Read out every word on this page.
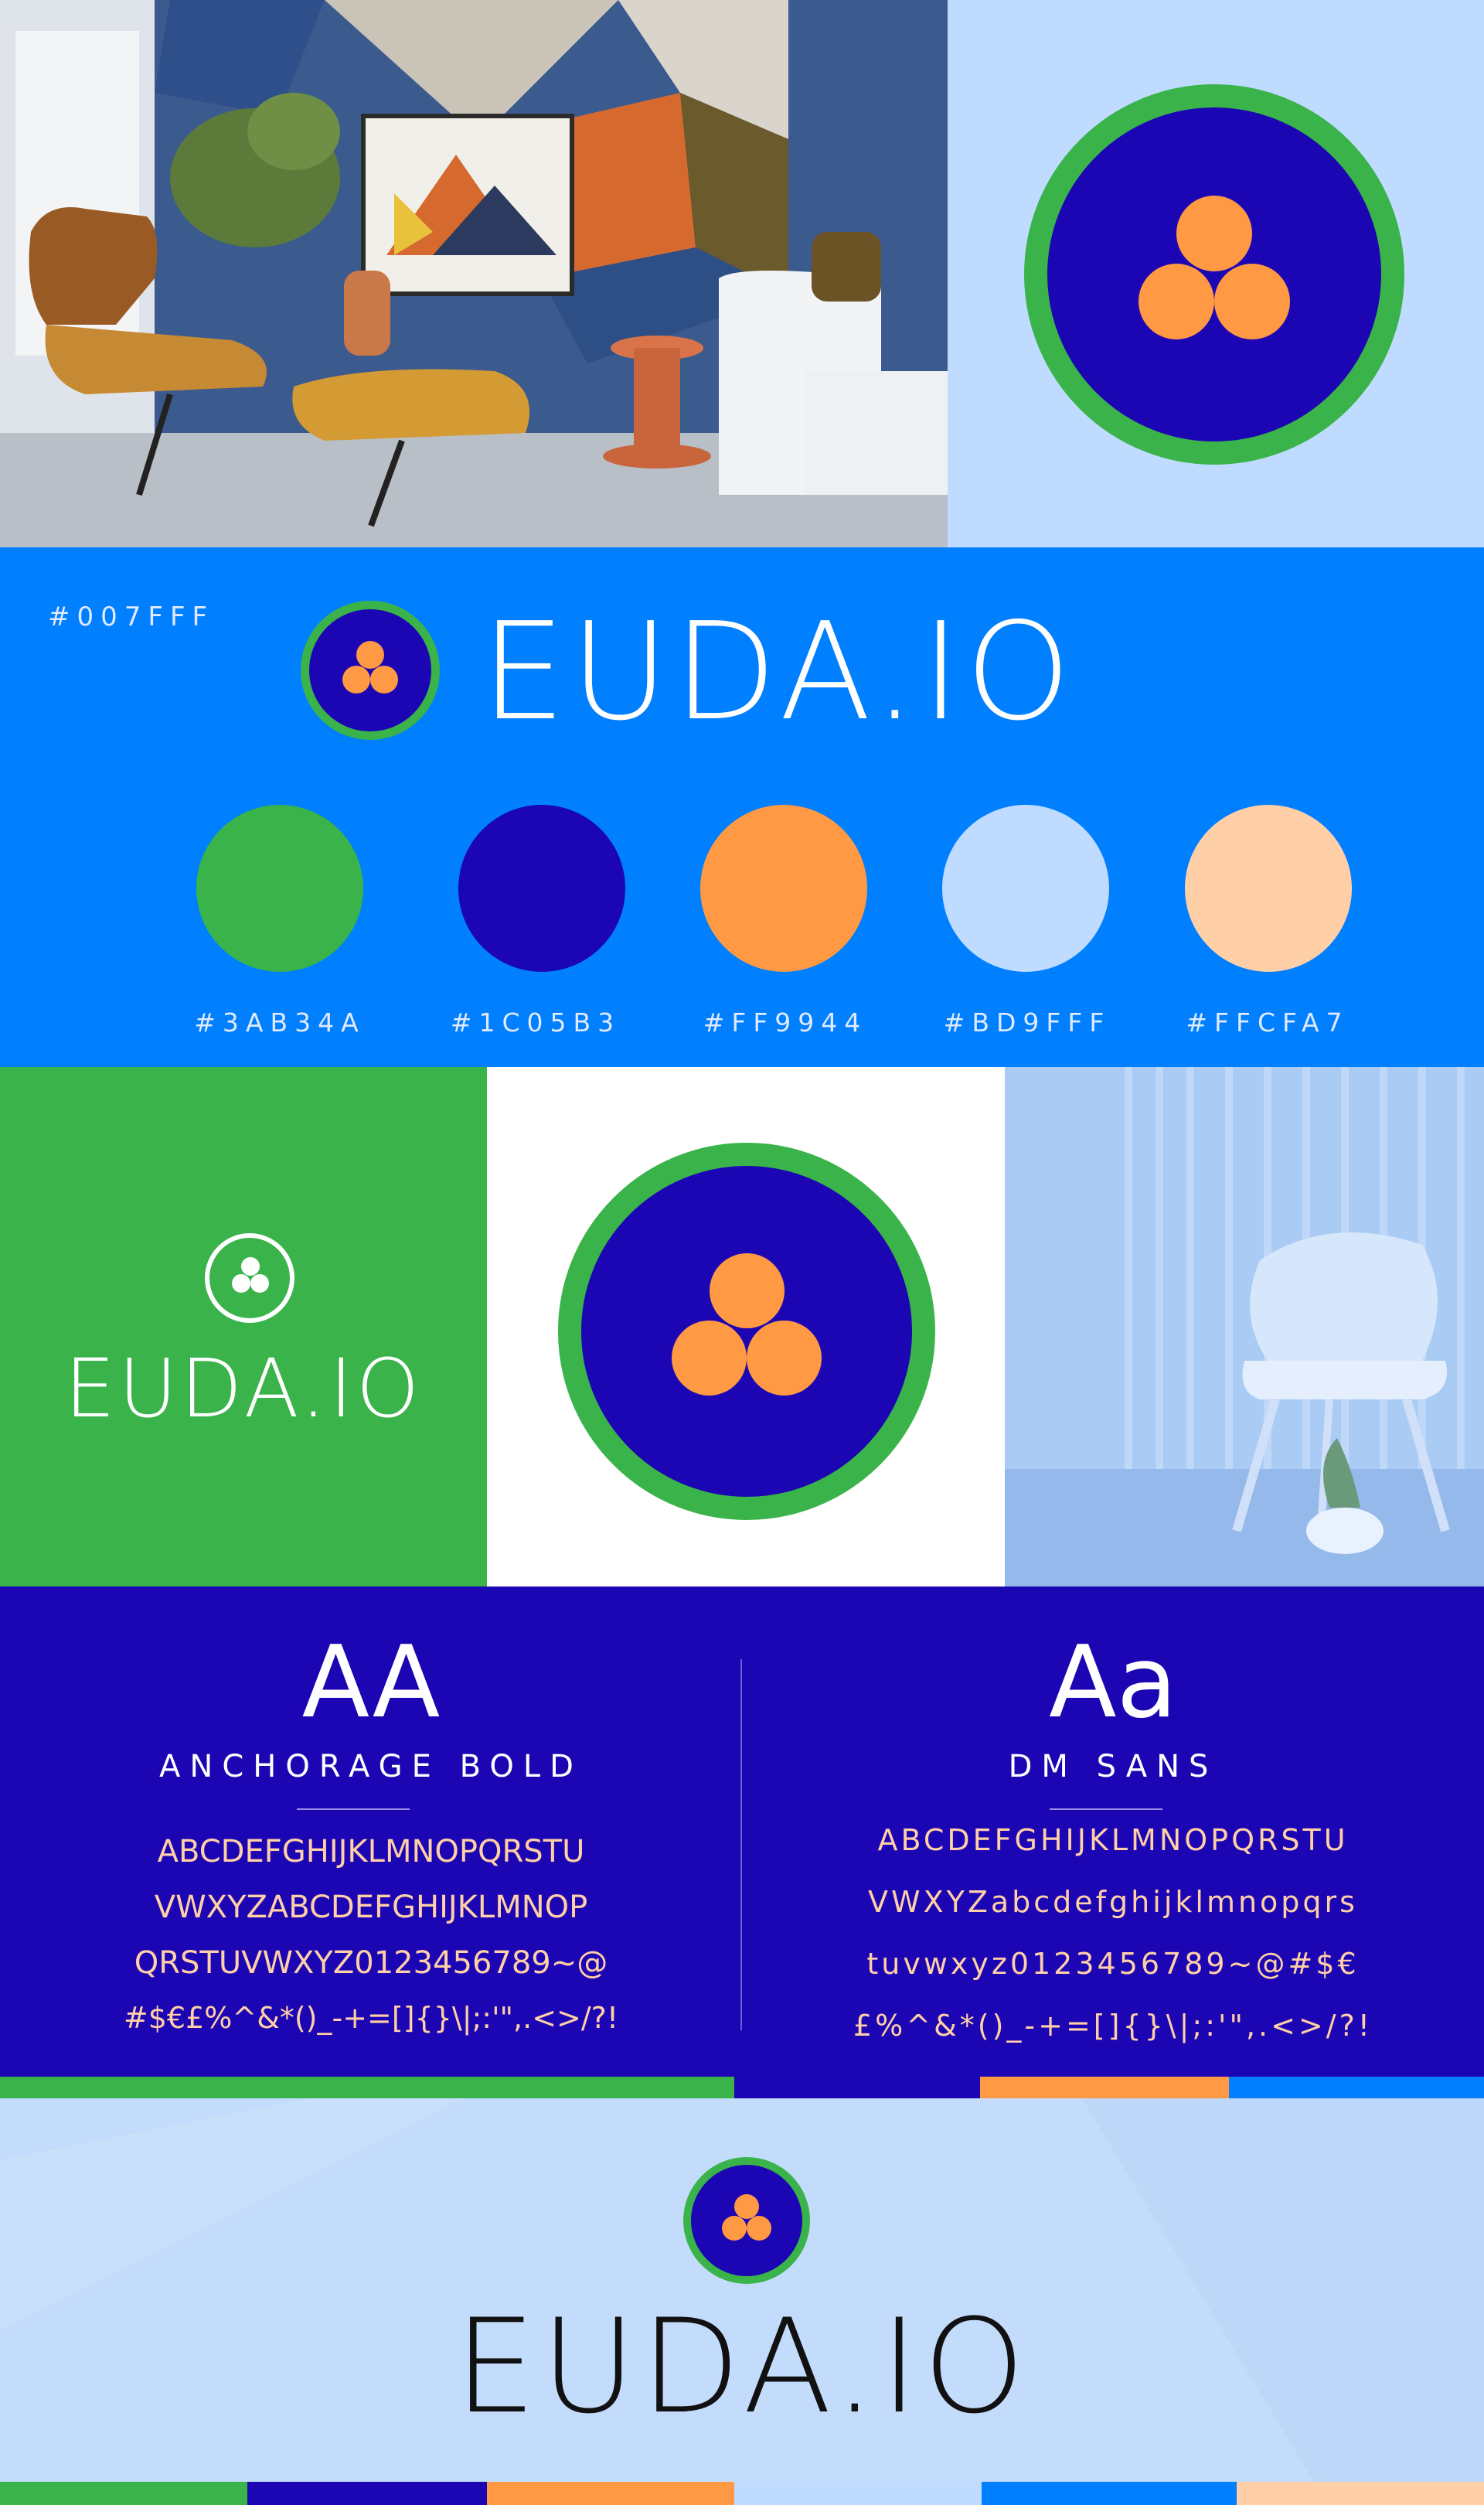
#007FFF EUDA.IO
#3AB34A	#1C05B3	#FF9944	#BD9FFF	#FFCFA7
EUDA.IO
AA
ANCHORAGE BOLD
ABCDEFGHIJKLMNOPQRSTU
VWXYZABCDEFGHIJKLMNOP
QRSTUVWXYZ0123456789~@
#$€£%^&*()_-+=[]{}\|;:'",.<>/?!
Aa
DM SANS
ABCDEFGHIJKLMNOPQRSTU
VWXYZabcdefghijklmnopqrs
tuvwxyz0123456789~@#$€
£%^&*()_-+=[]{}\|;:'",.<>/?!
EUDA.IO
